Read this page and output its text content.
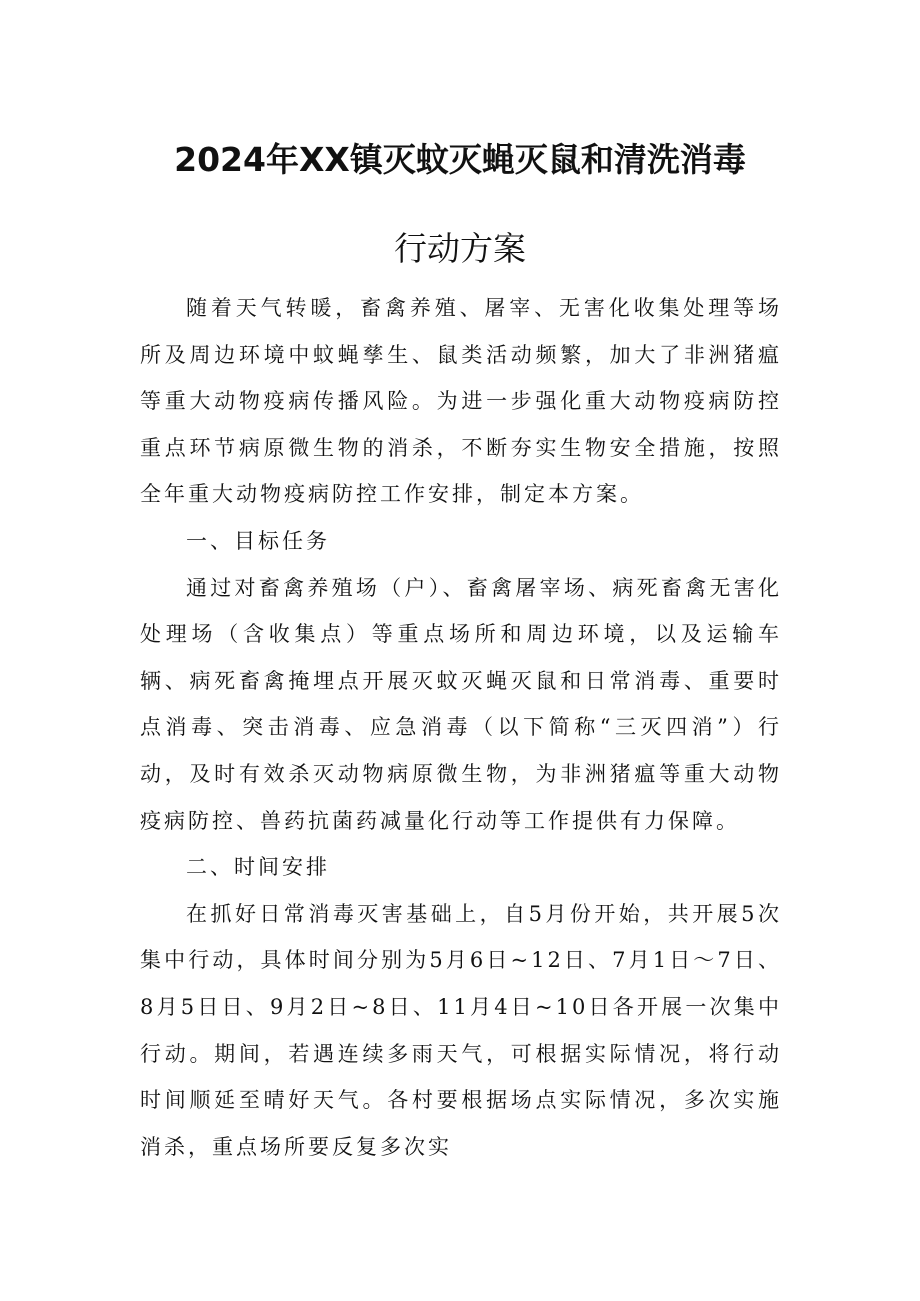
2024年XX镇灭蚊灭蝇灭鼠和清洗消毒
行动方案

随着天气转暖，畜禽养殖、屠宰、无害化收集处理等场所及周边环境中蚊蝇孳生、鼠类活动频繁，加大了非洲猪瘟等重大动物疫病传播风险。为进一步强化重大动物疫病防控重点环节病原微生物的消杀，不断夯实生物安全措施，按照全年重大动物疫病防控工作安排，制定本方案。

一、目标任务

通过对畜禽养殖场（户）、畜禽屠宰场、病死畜禽无害化处理场（含收集点）等重点场所和周边环境，以及运输车辆、病死畜禽掩埋点开展灭蚊灭蝇灭鼠和日常消毒、重要时点消毒、突击消毒、应急消毒（以下简称“三灭四消”）行动，及时有效杀灭动物病原微生物，为非洲猪瘟等重大动物疫病防控、兽药抗菌药减量化行动等工作提供有力保障。

二、时间安排

在抓好日常消毒灭害基础上，自5月份开始，共开展5次集中行动，具体时间分别为5月6日~12日、7月1日～7日、8月5日日、9月2日~8日、11月4日~10日各开展一次集中行动。期间，若遇连续多雨天气，可根据实际情况，将行动时间顺延至晴好天气。各村要根据场点实际情况，多次实施消杀，重点场所要反复多次实
